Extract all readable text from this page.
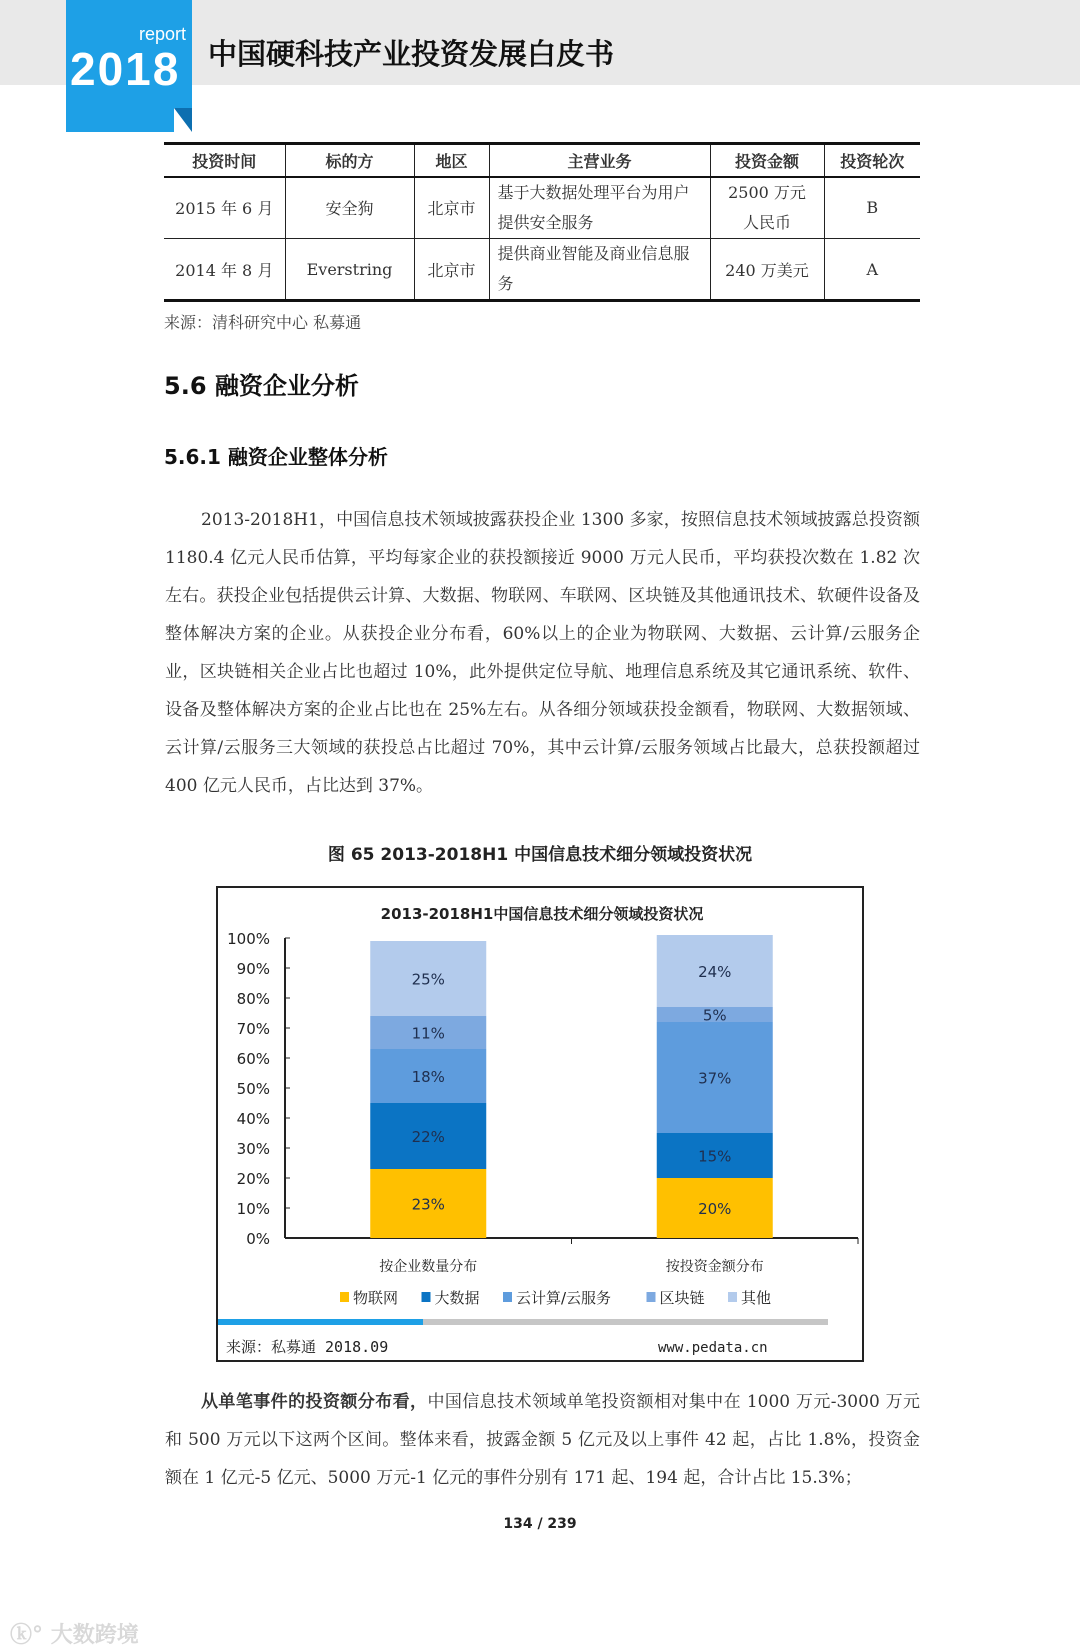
report
2018 中国硬科技产业投资发展白皮书
投资时间	标的方	地区	主营业务	投资金额	投资轮次
2015 年 6 月	安全狗	北京市	基于大数据处理平台为用户提供安全服务	2500 万元人民币	B
2014 年 8 月	Everstring	北京市	提供商业智能及商业信息服务	240 万美元	A
来源：清科研究中心 私募通
5.6 融资企业分析
5.6.1 融资企业整体分析
2013-2018H1，中国信息技术领域披露获投企业 1300 多家，按照信息技术领域披露总投资额 1180.4 亿元人民币估算，平均每家企业的获投额接近 9000 万元人民币，平均获投次数在 1.82 次左右。获投企业包括提供云计算、大数据、物联网、车联网、区块链及其他通讯技术、软硬件设备及整体解决方案的企业。从获投企业分布看，60%以上的企业为物联网、大数据、云计算/云服务企业，区块链相关企业占比也超过 10%，此外提供定位导航、地理信息系统及其它通讯系统、软件、设备及整体解决方案的企业占比也在 25%左右。从各细分领域获投金额看，物联网、大数据领域、云计算/云服务三大领域的获投总占比超过 70%，其中云计算/云服务领域占比最大，总获投额超过 400 亿元人民币，占比达到 37%。
图 65 2013-2018H1 中国信息技术细分领域投资状况
2013-2018H1中国信息技术细分领域投资状况
0%
10%
20%
30%
40%
50%
60%
70%
80%
90%
100%
23%
22%
18%
11%
25%
按企业数量分布
20%
15%
37%
5%
24%
按投资金额分布
物联网 大数据 云计算/云服务	区块链 其他
来源：私募通 2018.09	www.pedata.cn
从单笔事件的投资额分布看，中国信息技术领域单笔投资额相对集中在 1000 万元-3000 万元和 500 万元以下这两个区间。整体来看，披露金额 5 亿元及以上事件 42 起，占比 1.8%，投资金额在 1 亿元-5 亿元、5000 万元-1 亿元的事件分别有 171 起、194 起，合计占比 15.3%；
134 / 239
ⓚ° 大数跨境
